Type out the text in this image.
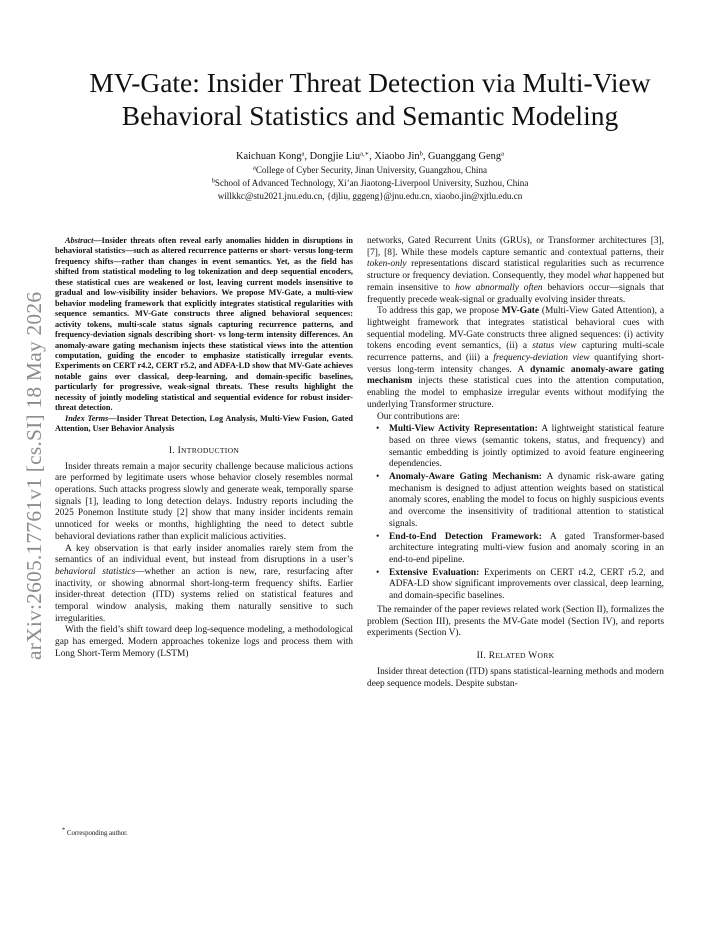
arXiv:2605.17761v1 [cs.SI] 18 May 2026
MV-Gate: Insider Threat Detection via Multi-View
Behavioral Statistics and Semantic Modeling
Kaichuan Kong$^a$, Dongjie Liu$^{a,∗}$, Xiaobo Jin$^b$, Guanggang Geng$^a$
$^a$College of Cyber Security, Jinan University, Guangzhou, China
$^b$School of Advanced Technology, Xi’an Jiaotong-Liverpool University, Suzhou, China
willkkc@stu2021.jnu.edu.cn, {djliu, gggeng}@jnu.edu.cn, xiaobo.jin@xjtlu.edu.cn

Abstract—Insider threats often reveal early anomalies hidden in disruptions in behavioral statistics—such as altered recurrence patterns or short- versus long-term frequency shifts—rather than changes in event semantics. Yet, as the field has shifted from statistical modeling to log tokenization and deep sequential encoders, these statistical cues are weakened or lost, leaving current models insensitive to gradual and low-visibility insider behaviors. We propose MV-Gate, a multi-view behavior modeling framework that explicitly integrates statistical regularities with sequence semantics. MV-Gate constructs three aligned behavioral sequences: activity tokens, multi-scale status signals capturing recurrence patterns, and frequency-deviation signals describing short- vs long-term intensity differences. An anomaly-aware gating mechanism injects these statistical views into the attention computation, guiding the encoder to emphasize statistically irregular events. Experiments on CERT r4.2, CERT r5.2, and ADFA-LD show that MV-Gate achieves notable gains over classical, deep-learning, and domain-specific baselines, particularly for progressive, weak-signal threats. These results highlight the necessity of jointly modeling statistical and sequential evidence for robust insider-threat detection.

Index Terms—Insider Threat Detection, Log Analysis, Multi-View Fusion, Gated Attention, User Behavior Analysis

I. INTRODUCTION

Insider threats remain a major security challenge because malicious actions are performed by legitimate users whose behavior closely resembles normal operations. Such attacks progress slowly and generate weak, temporally sparse signals [1], leading to long detection delays. Industry reports including the 2025 Ponemon Institute study [2] show that many insider incidents remain unnoticed for weeks or months, highlighting the need to detect subtle behavioral deviations rather than explicit malicious activities.

A key observation is that early insider anomalies rarely stem from the semantics of an individual event, but instead from disruptions in a user’s behavioral statistics—whether an action is new, rare, resurfacing after inactivity, or showing abnormal short-long-term frequency shifts. Earlier insider-threat detection (ITD) systems relied on statistical features and temporal window analysis, making them naturally sensitive to such irregularities.

With the field’s shift toward deep log-sequence modeling, a methodological gap has emerged. Modern approaches tokenize logs and process them with Long Short-Term Memory (LSTM)

* Corresponding author.

networks, Gated Recurrent Units (GRUs), or Transformer architectures [3], [7], [8]. While these models capture semantic and contextual patterns, their token-only representations discard statistical regularities such as recurrence structure or frequency deviation. Consequently, they model what happened but remain insensitive to how abnormally often behaviors occur—signals that frequently precede weak-signal or gradually evolving insider threats.

To address this gap, we propose MV-Gate (Multi-View Gated Attention), a lightweight framework that integrates statistical behavioral cues with sequential modeling. MV-Gate constructs three aligned sequences: (i) activity tokens encoding event semantics, (ii) a status view capturing multi-scale recurrence patterns, and (iii) a frequency-deviation view quantifying short- versus long-term intensity changes. A dynamic anomaly-aware gating mechanism injects these statistical cues into the attention computation, enabling the model to emphasize irregular events without modifying the underlying Transformer structure.

Our contributions are:

• Multi-View Activity Representation: A lightweight statistical feature based on three views (semantic tokens, status, and frequency) and semantic embedding is jointly optimized to avoid feature engineering dependencies.
• Anomaly-Aware Gating Mechanism: A dynamic risk-aware gating mechanism is designed to adjust attention weights based on statistical anomaly scores, enabling the model to focus on highly suspicious events and overcome the insensitivity of traditional attention to statistical signals.
• End-to-End Detection Framework: A gated Transformer-based architecture integrating multi-view fusion and anomaly scoring in an end-to-end pipeline.
• Extensive Evaluation: Experiments on CERT r4.2, CERT r5.2, and ADFA-LD show significant improvements over classical, deep learning, and domain-specific baselines.

The remainder of the paper reviews related work (Section II), formalizes the problem (Section III), presents the MV-Gate model (Section IV), and reports experiments (Section V).

II. RELATED WORK

Insider threat detection (ITD) spans statistical-learning methods and modern deep sequence models. Despite substan-
